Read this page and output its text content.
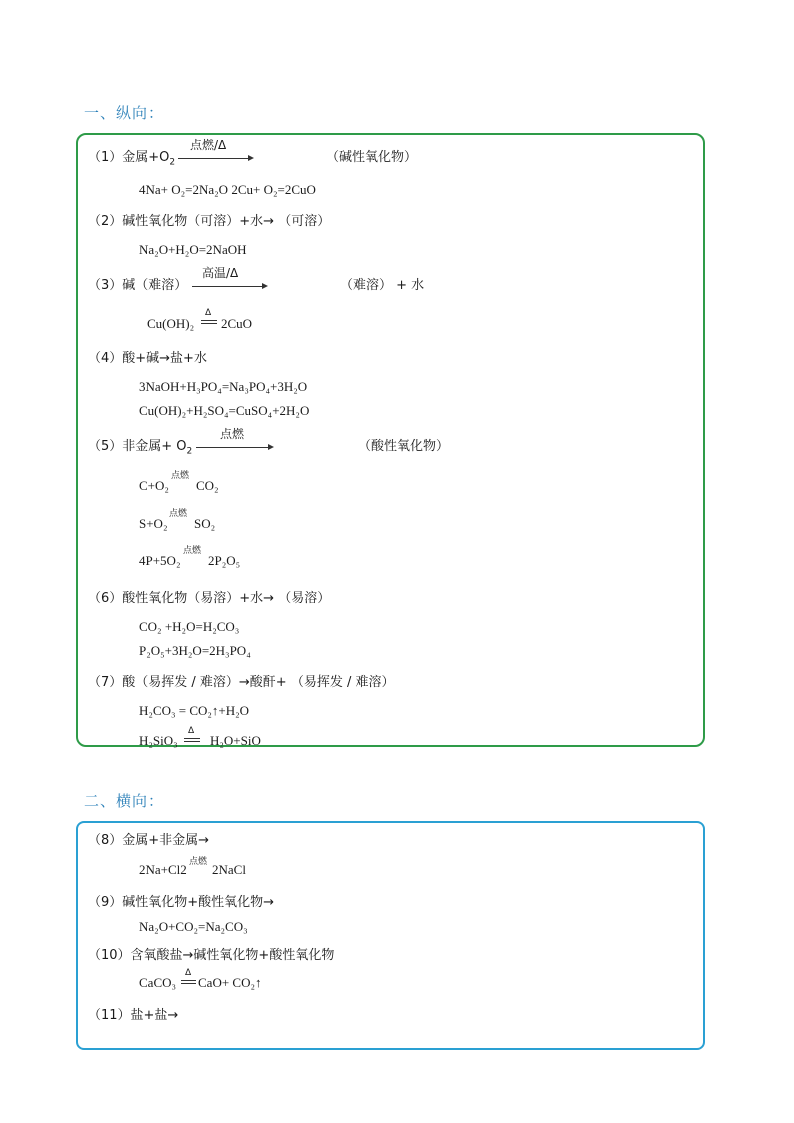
一、纵向：
（1）金属$+O_2$
点燃/Δ
（碱性氧化物）
4Na+ O₂=2Na₂O 2Cu+ O₂=2CuO
（2）碱性氧化物（可溶）+水→ （可溶）
Na₂O+H₂O=2NaOH
（3）碱（难溶）
高温/Δ
（难溶） + 水
Cu(OH)₂
Δ
2CuO
（4）酸+碱→盐+水
3NaOH+H₃PO₄=Na₃PO₄+3H₂O
Cu(OH)₂+H₂SO₄=CuSO₄+2H₂O
（5）非金属+ $O_2$
点燃
（酸性氧化物）
C+O₂
点燃
CO₂
S+O₂
点燃
SO₂
4P+5O₂
点燃
2P₂O₅
（6）酸性氧化物（易溶）+水→ （易溶）
CO₂ +H₂O=H₂CO₃
P₂O₅+3H₂O=2H₃PO₄
（7）酸（易挥发 / 难溶）→酸酐+ （易挥发 / 难溶）
H₂CO₃ = CO₂↑+H₂O
H₂SiO₃
Δ
H₂O+SiO
二、横向：
（8）金属+非金属→
2Na+Cl2 点燃 2NaCl
（9）碱性氧化物+酸性氧化物→
Na₂O+CO₂=Na₂CO₃
（10）含氧酸盐→碱性氧化物+酸性氧化物
CaCO₃
Δ
CaO+ CO₂↑
（11）盐+盐→
